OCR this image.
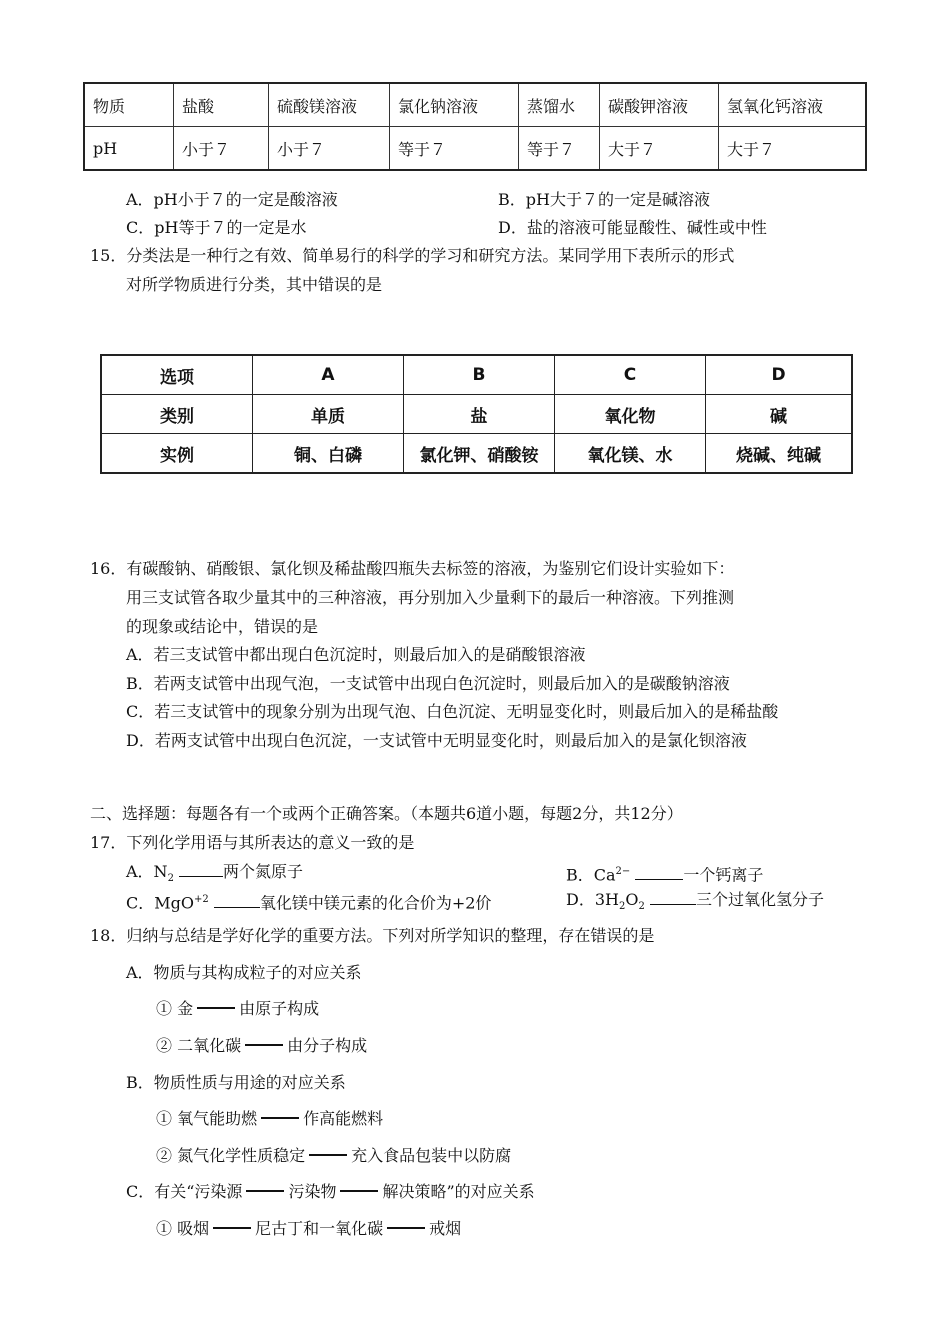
物质	盐酸	硫酸镁溶液	氯化钠溶液	蒸馏水	碳酸钾溶液	氢氧化钙溶液
pH	小于７	小于７	等于７	等于７	大于７	大于７
A．pH小于７的一定是酸溶液	B．pH大于７的一定是碱溶液
C．pH等于７的一定是水	D．盐的溶液可能显酸性、碱性或中性
15．分类法是一种行之有效、简单易行的科学的学习和研究方法。某同学用下表所示的形式
对所学物质进行分类，其中错误的是
选项	A	B	C	D
类别	单质	盐	氧化物	碱
实例	铜、白磷	氯化钾、硝酸铵	氧化镁、水	烧碱、纯碱
16．有碳酸钠、硝酸银、氯化钡及稀盐酸四瓶失去标签的溶液，为鉴别它们设计实验如下：
用三支试管各取少量其中的三种溶液，再分别加入少量剩下的最后一种溶液。下列推测
的现象或结论中，错误的是
A．若三支试管中都出现白色沉淀时，则最后加入的是硝酸银溶液
B．若两支试管中出现气泡，一支试管中出现白色沉淀时，则最后加入的是碳酸钠溶液
C．若三支试管中的现象分别为出现气泡、白色沉淀、无明显变化时，则最后加入的是稀盐酸
D．若两支试管中出现白色沉淀，一支试管中无明显变化时，则最后加入的是氯化钡溶液
二、选择题：每题各有一个或两个正确答案。（本题共6道小题，每题2分，共12分）
17．下列化学用语与其所表达的意义一致的是
A．$N_2$	两个氮原子	B．$Ca^{2-}$	一个钙离子
C．MgO$^{+2}$	氧化镁中镁元素的化合价为+2价	D．$3H_2O_2$	三个过氧化氢分子
18．归纳与总结是学好化学的重要方法。下列对所学知识的整理，存在错误的是
A．物质与其构成粒子的对应关系
① 金	由原子构成
② 二氧化碳	由分子构成
B．物质性质与用途的对应关系
① 氧气能助燃	作高能燃料
② 氮气化学性质稳定	充入食品包装中以防腐
C．有关“污染源	污染物	解决策略”的对应关系
① 吸烟	尼古丁和一氧化碳	戒烟
